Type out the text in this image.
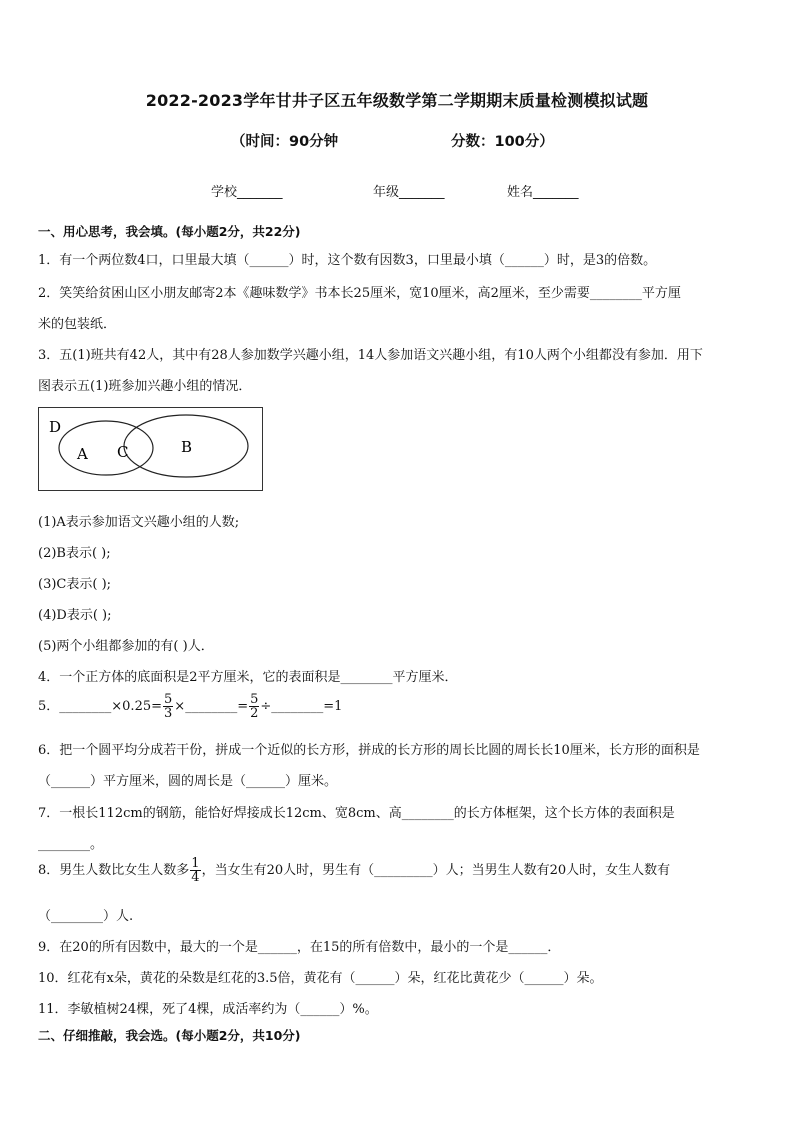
2022-2023学年甘井子区五年级数学第二学期期末质量检测模拟试题
（时间：90分钟	分数：100分）
学校_______	年级_______	姓名_______
一、用心思考，我会填。(每小题2分，共22分)
1．有一个两位数4口，口里最大填（______）时，这个数有因数3，口里最小填（______）时，是3的倍数。
2．笑笑给贫困山区小朋友邮寄2本《趣味数学》书本长25厘米，宽10厘米，高2厘米，至少需要________平方厘
米的包装纸．
3．五(1)班共有42人，其中有28人参加数学兴趣小组，14人参加语文兴趣小组，有10人两个小组都没有参加．用下
图表示五(1)班参加兴趣小组的情况．
D
A C	B
(1)A表示参加语文兴趣小组的人数;
(2)B表示( );
(3)C表示( );
(4)D表示( );
(5)两个小组都参加的有( )人．
4．一个正方体的底面积是2平方厘米，它的表面积是________平方厘米．
5．________×0.25= $\frac{5}{3}$ ×________= $\frac{5}{2}$ ÷________=1
6．把一个圆平均分成若干份，拼成一个近似的长方形，拼成的长方形的周长比圆的周长长10厘米，长方形的面积是
（______）平方厘米，圆的周长是（______）厘米。
7．一根长112cm的钢筋，能恰好焊接成长12cm、宽8cm、高________的长方体框架，这个长方体的表面积是
________。
8．男生人数比女生人数多 $\frac{1}{4}$ ，当女生有20人时，男生有（_________）人；当男生人数有20人时，女生人数有
（________）人.
9．在20的所有因数中，最大的一个是______，在15的所有倍数中，最小的一个是______．
10．红花有x朵，黄花的朵数是红花的3.5倍，黄花有（______）朵，红花比黄花少（______）朵。
11．李敏植树24棵，死了4棵，成活率约为（______）%。
二、仔细推敲，我会选。(每小题2分，共10分)
